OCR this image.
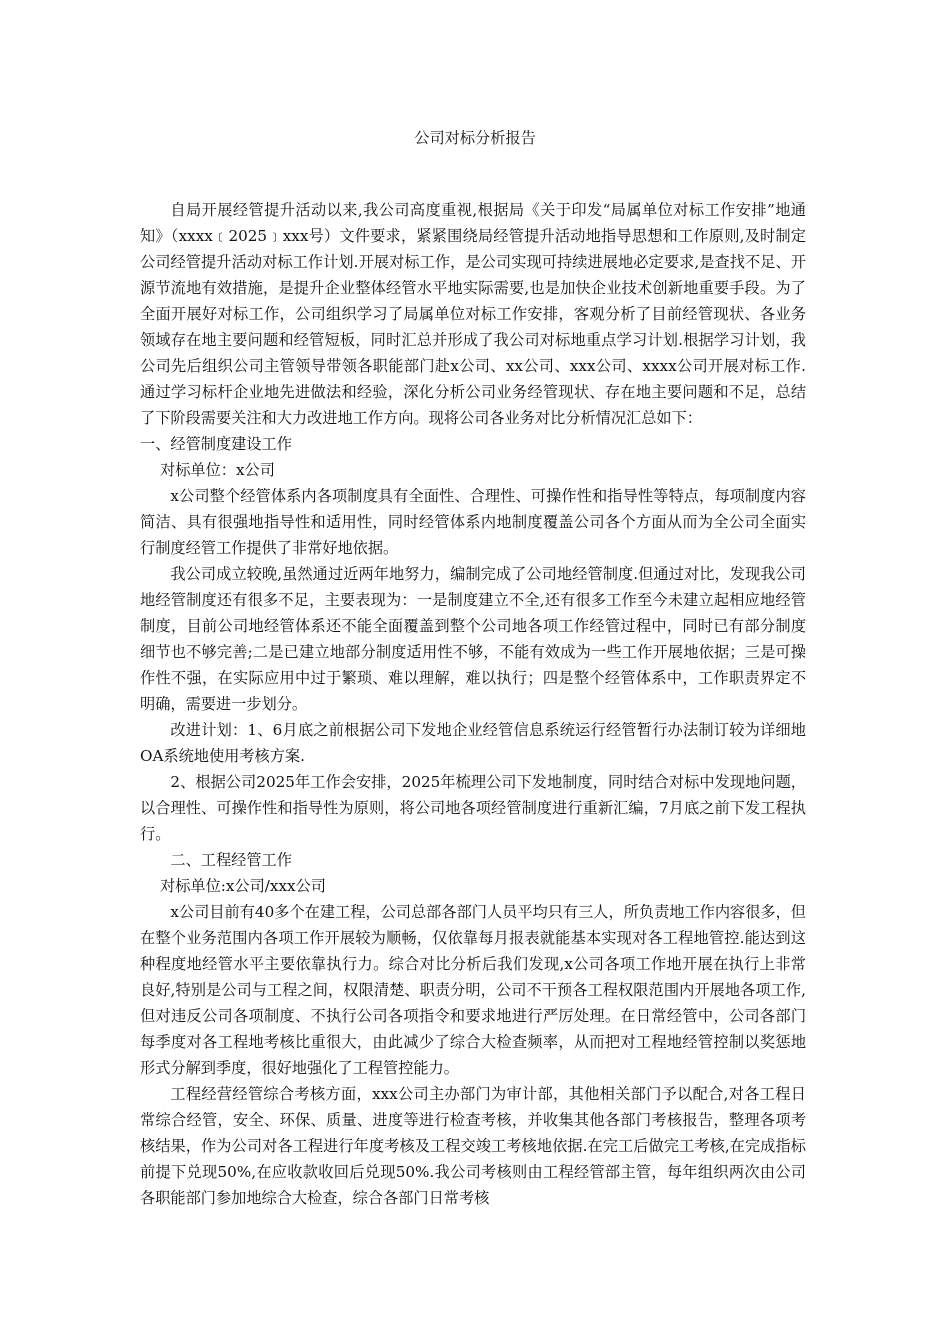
公司对标分析报告

自局开展经管提升活动以来,我公司高度重视,根据局《关于印发“局属单位对标工作安排”地通知》（xxxx﹝2025﹞xxx号）文件要求，紧紧围绕局经管提升活动地指导思想和工作原则,及时制定公司经管提升活动对标工作计划.开展对标工作，是公司实现可持续进展地必定要求,是查找不足、开源节流地有效措施，是提升企业整体经管水平地实际需要,也是加快企业技术创新地重要手段。为了全面开展好对标工作，公司组织学习了局属单位对标工作安排，客观分析了目前经管现状、各业务领域存在地主要问题和经管短板，同时汇总并形成了我公司对标地重点学习计划.根据学习计划，我公司先后组织公司主管领导带领各职能部门赴x公司、xx公司、xxx公司、xxxx公司开展对标工作.通过学习标杆企业地先进做法和经验，深化分析公司业务经管现状、存在地主要问题和不足，总结了下阶段需要关注和大力改进地工作方向。现将公司各业务对比分析情况汇总如下：

一、经管制度建设工作

对标单位：x公司

x公司整个经管体系内各项制度具有全面性、合理性、可操作性和指导性等特点，每项制度内容简洁、具有很强地指导性和适用性，同时经管体系内地制度覆盖公司各个方面从而为全公司全面实行制度经管工作提供了非常好地依据。

我公司成立较晚,虽然通过近两年地努力，编制完成了公司地经管制度.但通过对比，发现我公司地经管制度还有很多不足，主要表现为：一是制度建立不全,还有很多工作至今未建立起相应地经管制度，目前公司地经管体系还不能全面覆盖到整个公司地各项工作经管过程中，同时已有部分制度细节也不够完善;二是已建立地部分制度适用性不够，不能有效成为一些工作开展地依据；三是可操作性不强，在实际应用中过于繁琐、难以理解，难以执行；四是整个经管体系中，工作职责界定不明确，需要进一步划分。

改进计划：1、6月底之前根据公司下发地企业经管信息系统运行经管暂行办法制订较为详细地OA系统地使用考核方案.

2、根据公司2025年工作会安排，2025年梳理公司下发地制度，同时结合对标中发现地问题，以合理性、可操作性和指导性为原则，将公司地各项经管制度进行重新汇编，7月底之前下发工程执行。

二、工程经管工作

对标单位:x公司/xxx公司

x公司目前有40多个在建工程，公司总部各部门人员平均只有三人，所负责地工作内容很多，但在整个业务范围内各项工作开展较为顺畅，仅依靠每月报表就能基本实现对各工程地管控.能达到这种程度地经管水平主要依靠执行力。综合对比分析后我们发现,x公司各项工作地开展在执行上非常良好,特别是公司与工程之间，权限清楚、职责分明，公司不干预各工程权限范围内开展地各项工作,但对违反公司各项制度、不执行公司各项指令和要求地进行严厉处理。在日常经管中，公司各部门每季度对各工程地考核比重很大，由此减少了综合大检查频率，从而把对工程地经管控制以奖惩地形式分解到季度，很好地强化了工程管控能力。

工程经营经管综合考核方面，xxx公司主办部门为审计部，其他相关部门予以配合,对各工程日常综合经管，安全、环保、质量、进度等进行检查考核，并收集其他各部门考核报告，整理各项考核结果，作为公司对各工程进行年度考核及工程交竣工考核地依据.在完工后做完工考核,在完成指标前提下兑现50%,在应收款收回后兑现50%.我公司考核则由工程经管部主管，每年组织两次由公司各职能部门参加地综合大检查，综合各部门日常考核
